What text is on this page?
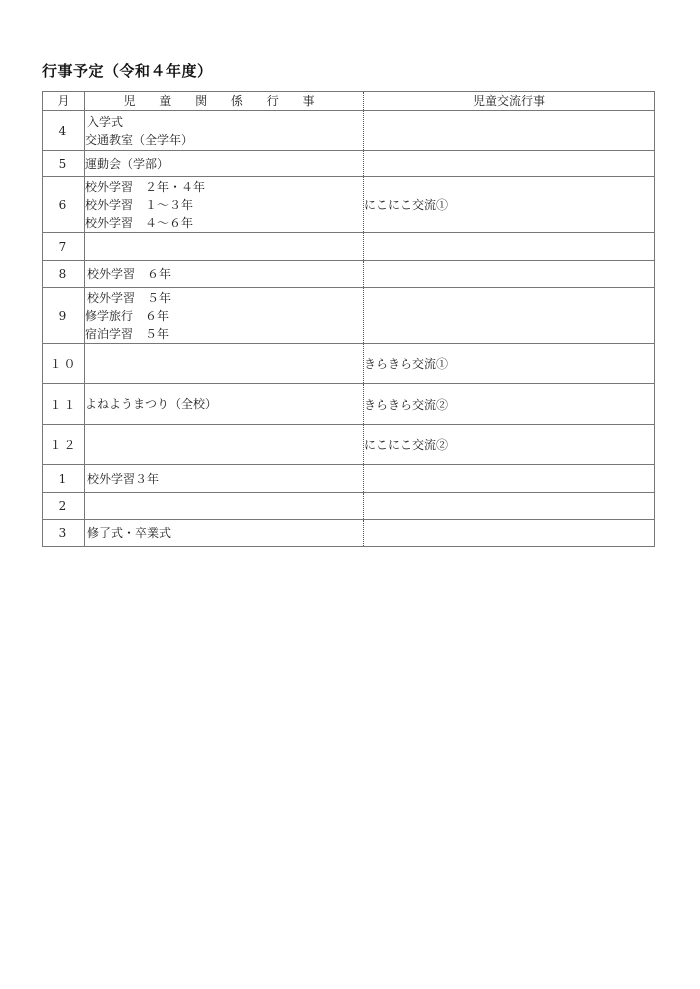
行事予定（令和４年度）
月	児 童 関 係 行 事	児童交流行事
4	入学式
交通教室（全学年）	

5	運動会（学部）	

6	校外学習　２年・４年
校外学習　１～３年
校外学習　４～６年	にこにこ交流①
7		
8	校外学習　６年	

9	校外学習　５年
修学旅行　６年
宿泊学習　５年	

１０		きらきら交流①
１１	よねようまつり（全校）	きらきら交流②
１２		にこにこ交流②
1	校外学習３年	

2		
3	修了式・卒業式	
